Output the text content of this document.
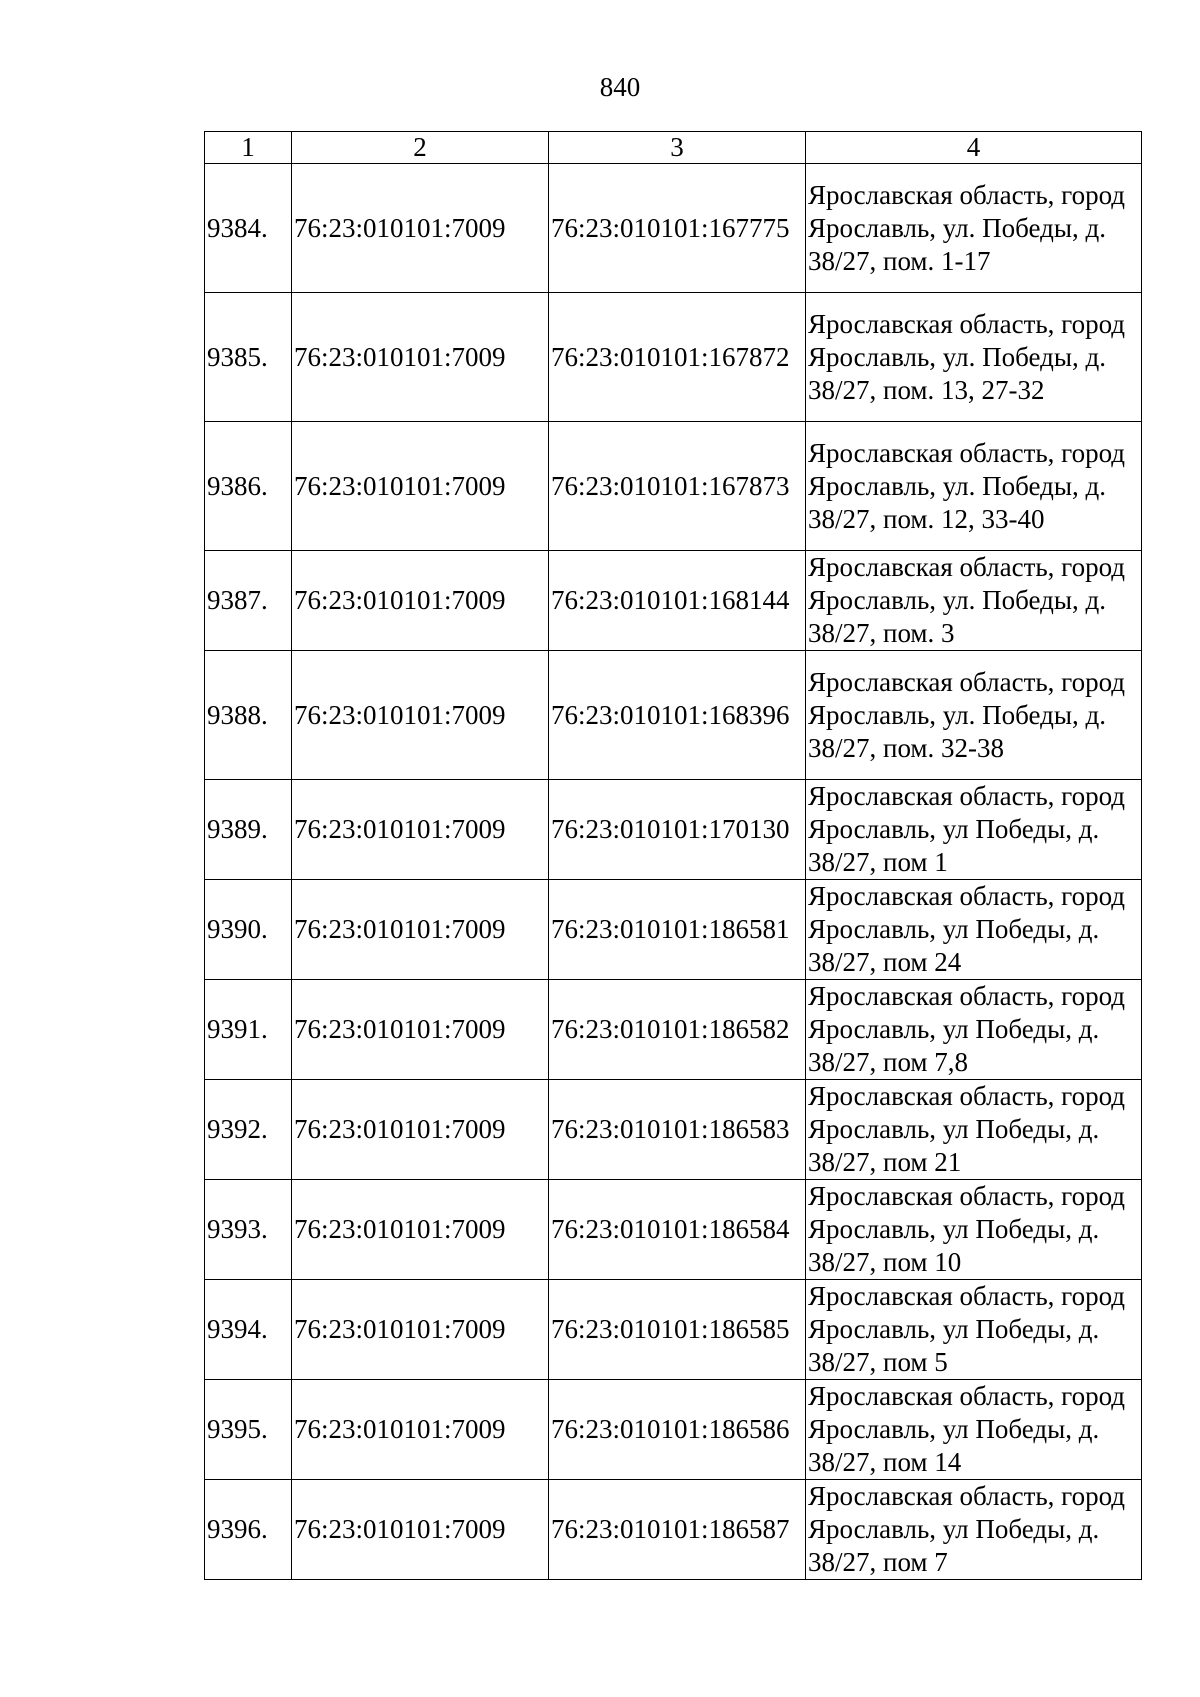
840
1	2	3	4
9384.	76:23:010101:7009	76:23:010101:167775	Ярославская область, город Ярославль, ул. Победы, д. 38/27, пом. 1-17
9385.	76:23:010101:7009	76:23:010101:167872	Ярославская область, город Ярославль, ул. Победы, д. 38/27, пом. 13, 27-32
9386.	76:23:010101:7009	76:23:010101:167873	Ярославская область, город Ярославль, ул. Победы, д. 38/27, пом. 12, 33-40
9387.	76:23:010101:7009	76:23:010101:168144	Ярославская область, город Ярославль, ул. Победы, д. 38/27, пом. 3
9388.	76:23:010101:7009	76:23:010101:168396	Ярославская область, город Ярославль, ул. Победы, д. 38/27, пом. 32-38
9389.	76:23:010101:7009	76:23:010101:170130	Ярославская область, город Ярославль, ул Победы, д. 38/27, пом 1
9390.	76:23:010101:7009	76:23:010101:186581	Ярославская область, город Ярославль, ул Победы, д. 38/27, пом 24
9391.	76:23:010101:7009	76:23:010101:186582	Ярославская область, город Ярославль, ул Победы, д. 38/27, пом 7,8
9392.	76:23:010101:7009	76:23:010101:186583	Ярославская область, город Ярославль, ул Победы, д. 38/27, пом 21
9393.	76:23:010101:7009	76:23:010101:186584	Ярославская область, город Ярославль, ул Победы, д. 38/27, пом 10
9394.	76:23:010101:7009	76:23:010101:186585	Ярославская область, город Ярославль, ул Победы, д. 38/27, пом 5
9395.	76:23:010101:7009	76:23:010101:186586	Ярославская область, город Ярославль, ул Победы, д. 38/27, пом 14
9396.	76:23:010101:7009	76:23:010101:186587	Ярославская область, город Ярославль, ул Победы, д. 38/27, пом 7
